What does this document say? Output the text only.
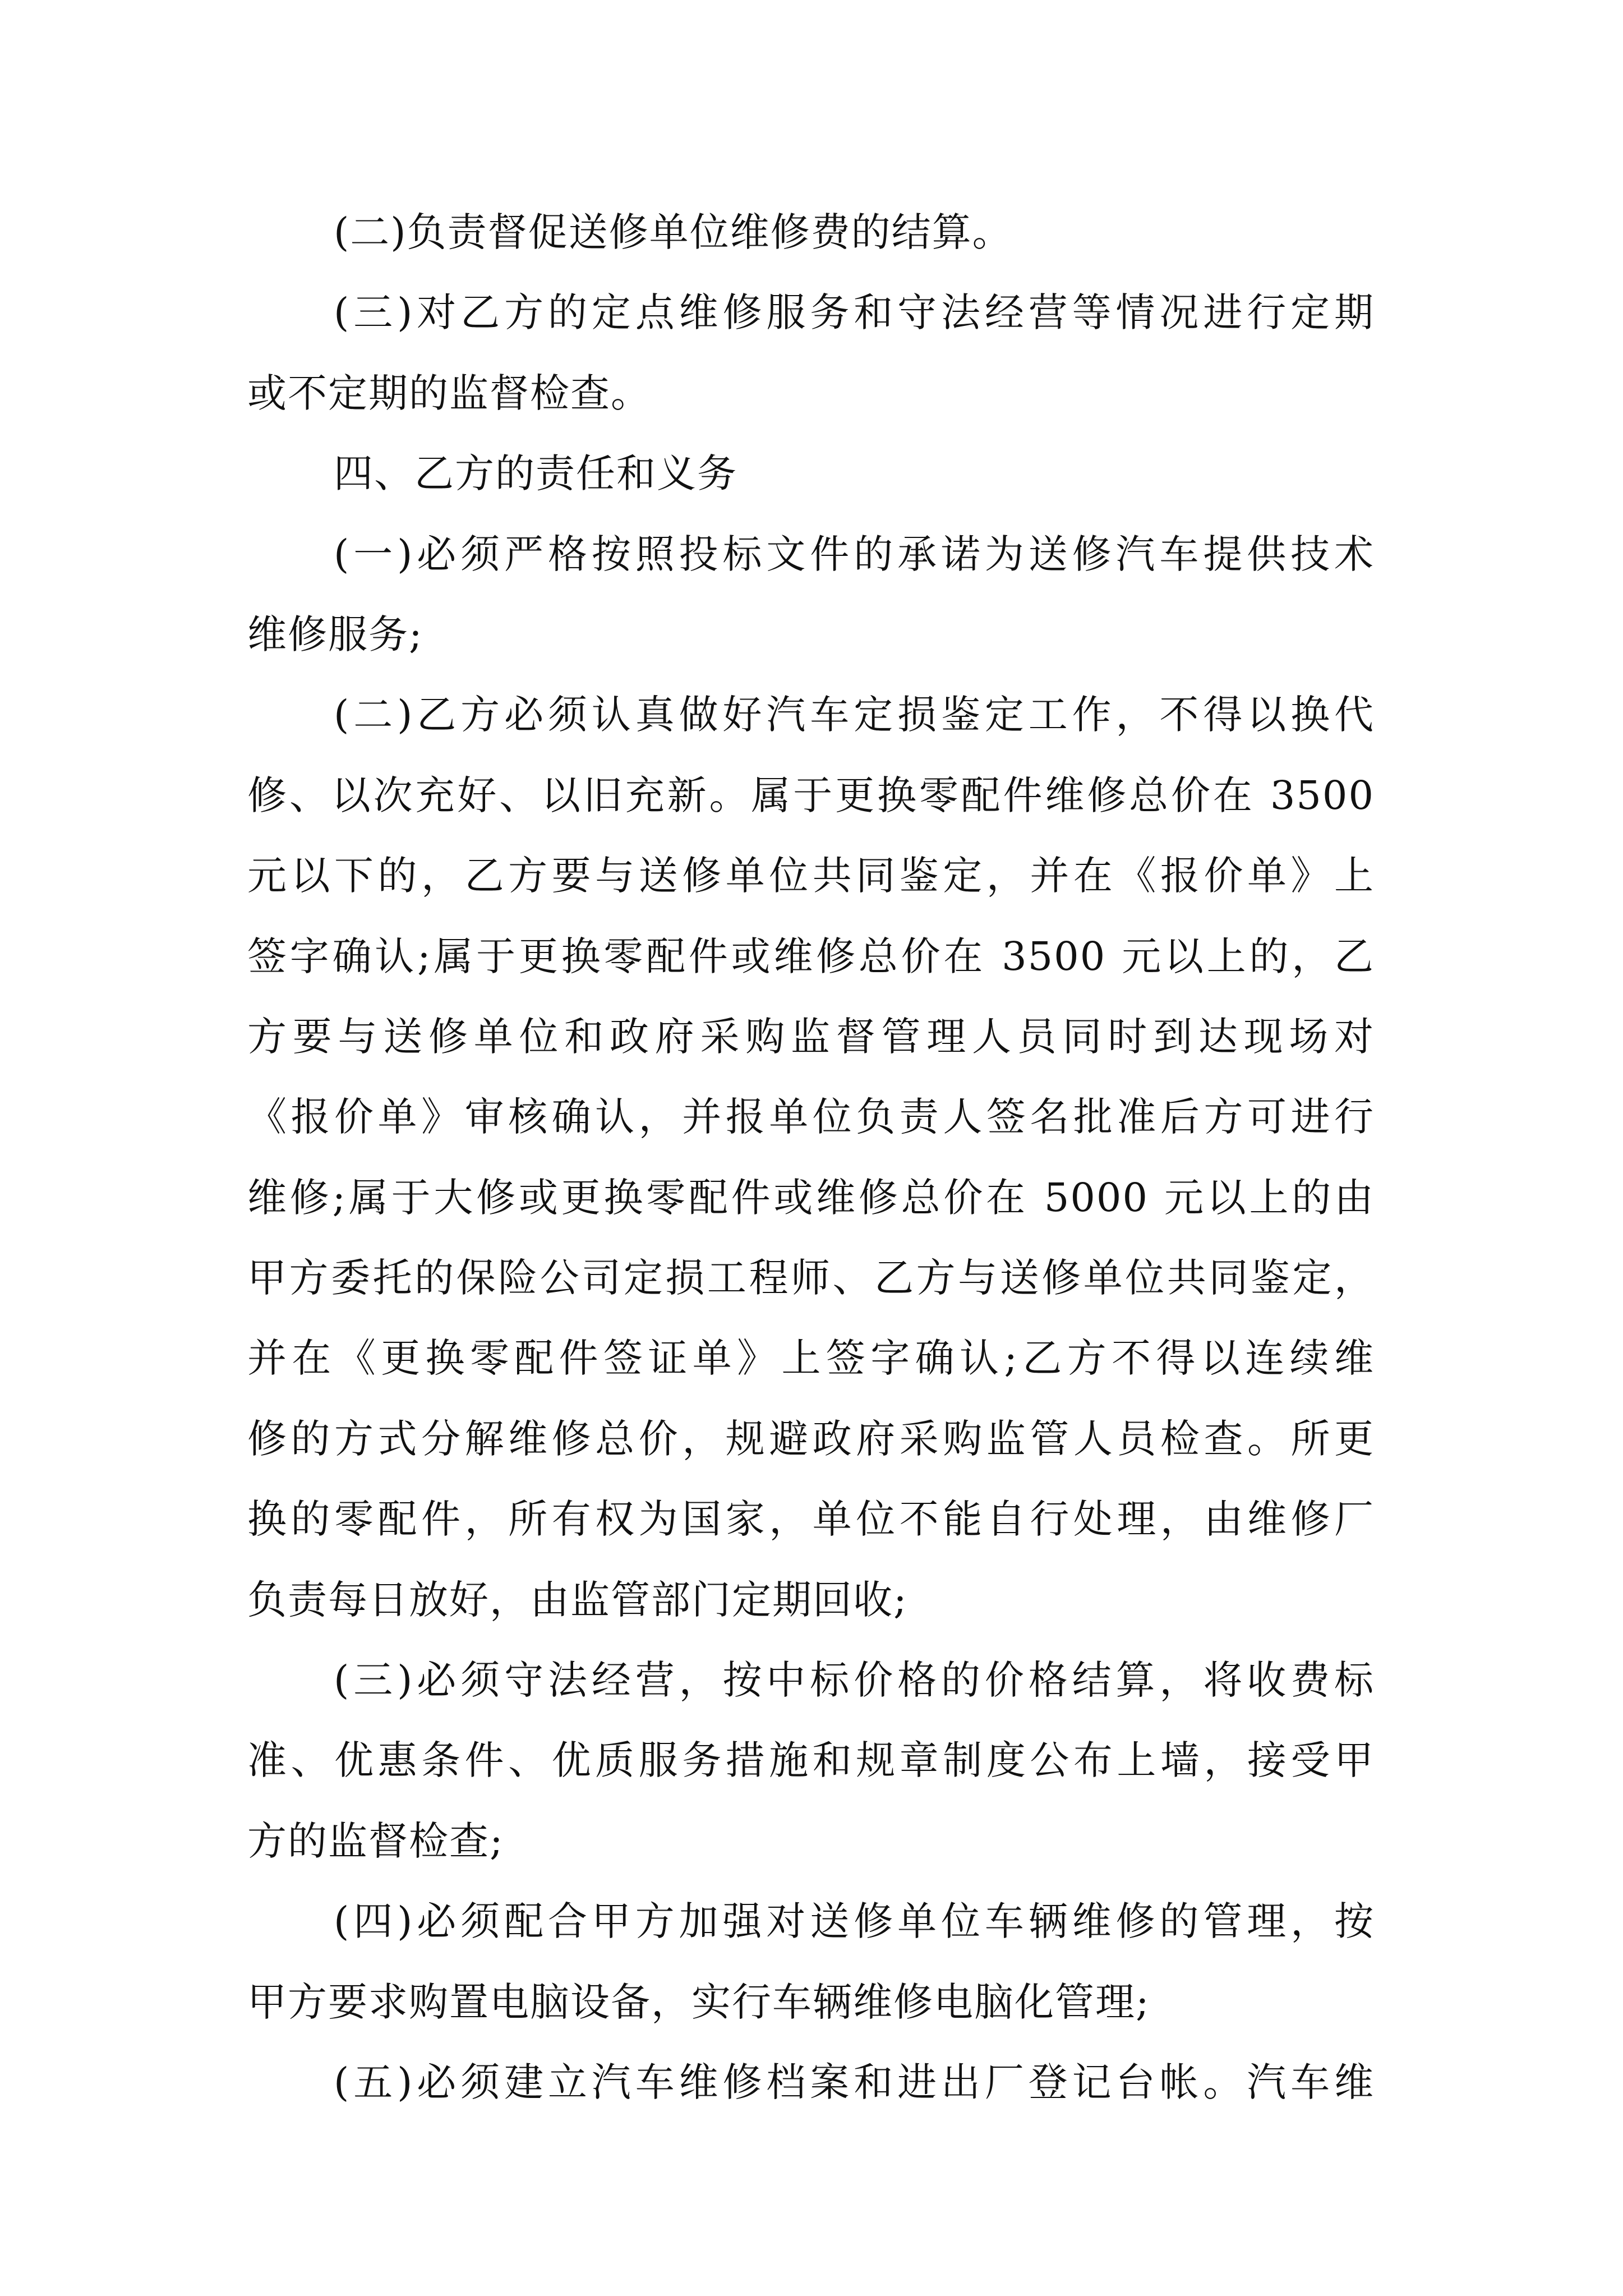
(二)负责督促送修单位维修费的结算。
(三)对乙方的定点维修服务和守法经营等情况进行定期
或不定期的监督检查。
四、乙方的责任和义务
(一)必须严格按照投标文件的承诺为送修汽车提供技术
维修服务;
(二)乙方必须认真做好汽车定损鉴定工作，不得以换代
修、以次充好、以旧充新。属于更换零配件维修总价在 3500
元以下的，乙方要与送修单位共同鉴定，并在《报价单》上
签字确认;属于更换零配件或维修总价在 3500 元以上的，乙
方要与送修单位和政府采购监督管理人员同时到达现场对
《报价单》审核确认，并报单位负责人签名批准后方可进行
维修;属于大修或更换零配件或维修总价在 5000 元以上的由
甲方委托的保险公司定损工程师、乙方与送修单位共同鉴定，
并在《更换零配件签证单》上签字确认;乙方不得以连续维
修的方式分解维修总价，规避政府采购监管人员检查。所更
换的零配件，所有权为国家，单位不能自行处理，由维修厂
负责每日放好，由监管部门定期回收;
(三)必须守法经营，按中标价格的价格结算，将收费标
准、优惠条件、优质服务措施和规章制度公布上墙，接受甲
方的监督检查;
(四)必须配合甲方加强对送修单位车辆维修的管理，按
甲方要求购置电脑设备，实行车辆维修电脑化管理;
(五)必须建立汽车维修档案和进出厂登记台帐。汽车维
